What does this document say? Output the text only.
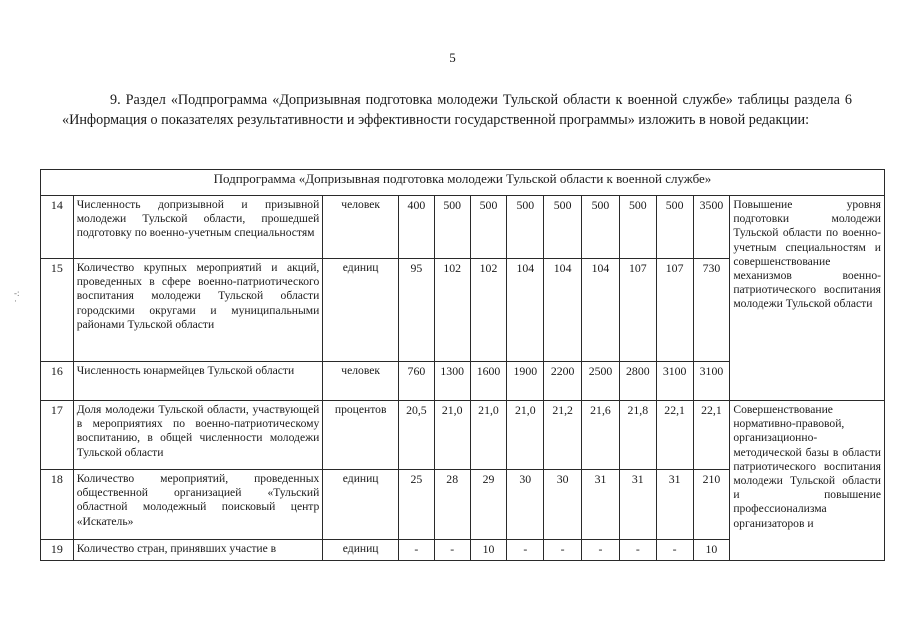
5
9. Раздел «Подпрограмма «Допризывная подготовка молодежи Тульской области к военной службе» таблицы раздела 6 «Информация о показателях результативности и эффективности государственной программы» изложить в новой редакции:
-:
·
Подпрограмма «Допризывная подготовка молодежи Тульской области к военной службе»												
14	Численность допризывной и призывной молодежи Тульской области, прошедшей подготовку по военно-учетным специальностям	человек	400	500	500	500	500	500	500	500	3500	Повышение уровня подготовки молодежи Тульской области по военно-учетным специальностям и совершенствование механизмов военно-патриотического воспитания молодежи Тульской области
15	Количество крупных мероприятий и акций, проведенных в сфере военно-патриотического воспитания молодежи Тульской области городскими округами и муниципальными районами Тульской области	единиц	95	102	102	104	104	104	107	107	730	
16	Численность юнармейцев Тульской области	человек	760	1300	1600	1900	2200	2500	2800	3100	3100	
17	Доля молодежи Тульской области, участвующей в мероприятиях по военно-патриотическому воспитанию, в общей численности молодежи Тульской области	процентов	20,5	21,0	21,0	21,0	21,2	21,6	21,8	22,1	22,1	Совершенствование нормативно-правовой, организационно-методической базы в области патриотического воспитания молодежи Тульской области и повышение профессионализма организаторов и
18	Количество мероприятий, проведенных общественной организацией «Тульский областной молодежный поисковый центр «Искатель»	единиц	25	28	29	30	30	31	31	31	210	
19	Количество стран, принявших участие в	единиц	-	-	10	-	-	-	-	-	10	
